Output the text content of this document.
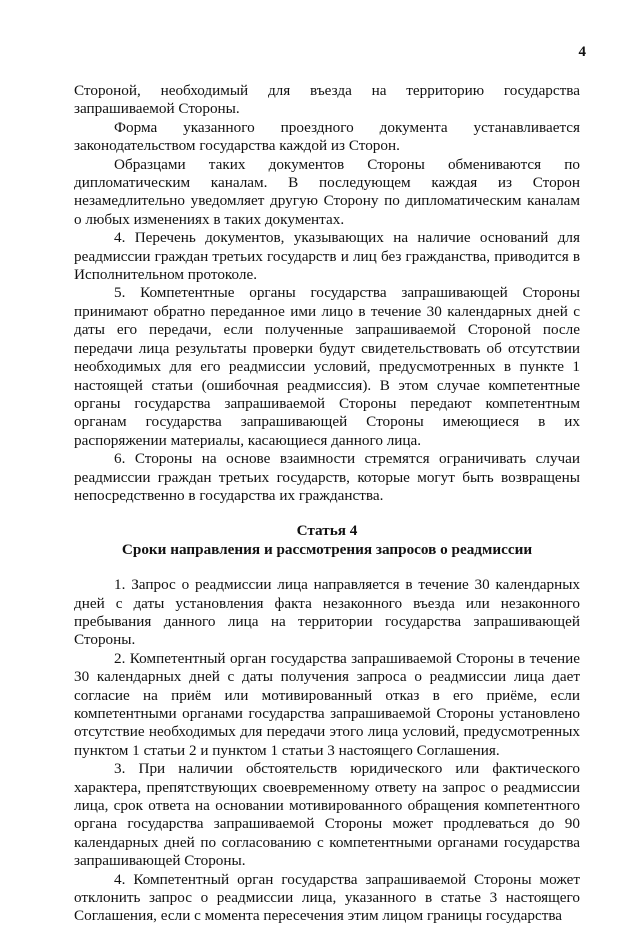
4

Стороной, необходимый для въезда на территорию государства запрашиваемой Стороны.

Форма указанного проездного документа устанавливается законодательством государства каждой из Сторон.

Образцами таких документов Стороны обмениваются по дипломатическим каналам. В последующем каждая из Сторон незамедлительно уведомляет другую Сторону по дипломатическим каналам о любых изменениях в таких документах.

4. Перечень документов, указывающих на наличие оснований для реадмиссии граждан третьих государств и лиц без гражданства, приводится в Исполнительном протоколе.

5. Компетентные органы государства запрашивающей Стороны принимают обратно переданное ими лицо в течение 30 календарных дней с даты его передачи, если полученные запрашиваемой Стороной после передачи лица результаты проверки будут свидетельствовать об отсутствии необходимых для его реадмиссии условий, предусмотренных в пункте 1 настоящей статьи (ошибочная реадмиссия). В этом случае компетентные органы государства запрашиваемой Стороны передают компетентным органам государства запрашивающей Стороны имеющиеся в их распоряжении материалы, касающиеся данного лица.

6. Стороны на основе взаимности стремятся ограничивать случаи реадмиссии граждан третьих государств, которые могут быть возвращены непосредственно в государства их гражданства.

Статья 4
Сроки направления и рассмотрения запросов о реадмиссии

1. Запрос о реадмиссии лица направляется в течение 30 календарных дней с даты установления факта незаконного въезда или незаконного пребывания данного лица на территории государства запрашивающей Стороны.

2. Компетентный орган государства запрашиваемой Стороны в течение 30 календарных дней с даты получения запроса о реадмиссии лица дает согласие на приём или мотивированный отказ в его приёме, если компетентными органами государства запрашиваемой Стороны установлено отсутствие необходимых для передачи этого лица условий, предусмотренных пунктом 1 статьи 2 и пунктом 1 статьи 3 настоящего Соглашения.

3. При наличии обстоятельств юридического или фактического характера, препятствующих своевременному ответу на запрос о реадмиссии лица, срок ответа на основании мотивированного обращения компетентного органа государства запрашиваемой Стороны может продлеваться до 90 календарных дней по согласованию с компетентными органами государства запрашивающей Стороны.

4. Компетентный орган государства запрашиваемой Стороны может отклонить запрос о реадмиссии лица, указанного в статье 3 настоящего Соглашения, если с момента пересечения этим лицом границы государства
